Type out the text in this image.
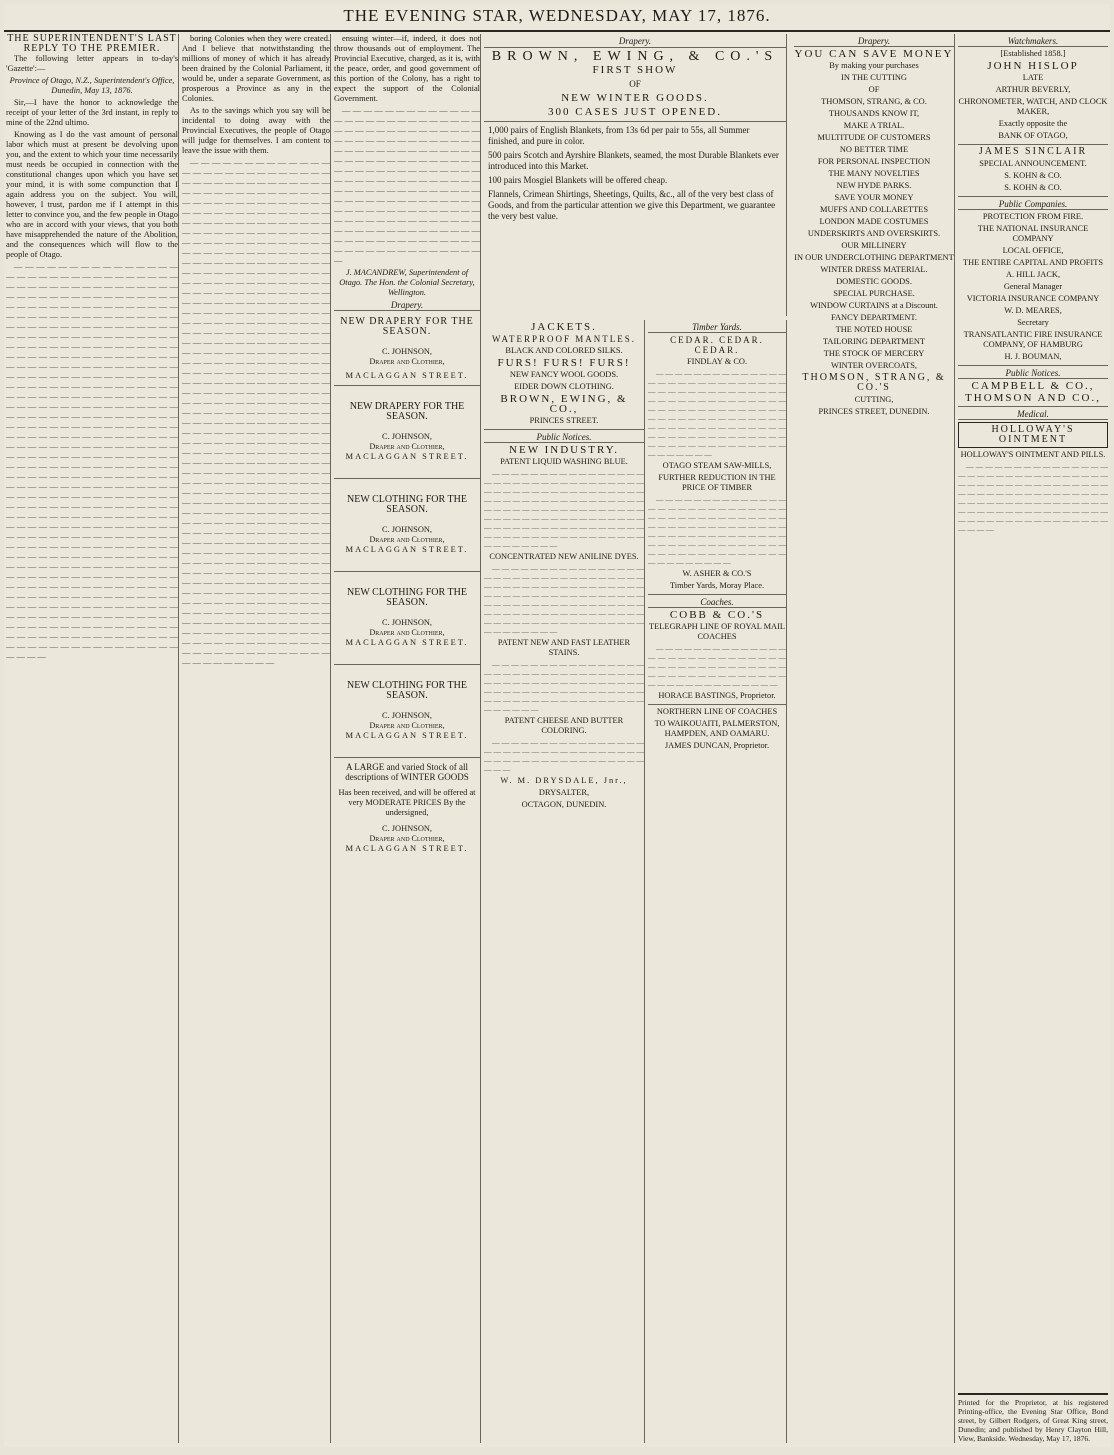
THE EVENING STAR, WEDNESDAY, MAY 17, 1876.
THE SUPERINTENDENT'S LAST REPLY TO THE PREMIER.

The following letter appears in to-day's 'Gazette':—

Province of Otago, N.Z., Superintendent's Office, Dunedin, May 13, 1876.

Sir,—I have the honor to acknowledge the receipt of your letter of the 3rd instant, in reply to mine of the 22nd ultimo.

Knowing as I do the vast amount of personal labor which must at present be devolving upon you, and the extent to which your time necessarily must needs be occupied in connection with the constitutional changes upon which you have set your mind, it is with some compunction that I again address you on the subject. You will, however, I trust, pardon me if I attempt in this letter to convince you, and the few people in Otago who are in accord with your views, that you both have misapprehended the nature of the Abolition, and the consequences which will flow to the people of Otago.

— — — — — — — — — — — — — — — — — — — — — — — — — — — — — — — — — — — — — — — — — — — — — — — — — — — — — — — — — — — — — — — — — — — — — — — — — — — — — — — — — — — — — — — — — — — — — — — — — — — — — — — — — — — — — — — — — — — — — — — — — — — — — — — — — — — — — — — — — — — — — — — — — — — — — — — — — — — — — — — — — — — — — — — — — — — — — — — — — — — — — — — — — — — — — — — — — — — — — — — — — — — — — — — — — — — — — — — — — — — — — — — — — — — — — — — — — — — — — — — — — — — — — — — — — — — — — — — — — — — — — — — — — — — — — — — — — — — — — — — — — — — — — — — — — — — — — — — — — — — — — — — — — — — — — — — — — — — — — — — — — — — — — — — — — — — — — — — — — — — — — — — — — — — — — — — — — — — — — — — — — — — — — — — — — — — — — — — — — — — — — — — — — — — — — — — — — — — — — — — — — — — — — — — — — — — — — — — — — — — — — — — — — — — — — — — — — — — — — — — — — — — — — — — — — — — — — — — — — — — — — — — — — — — — — — — — — — — — — — — — — — — — — — — — — — — — — — — — — — — — — — — — — — — — — — — — — — — — — — — — — — — — — — — — — — — — — — — — — — — — — — — — — — — — — — — — — — — — — — — — — — — — — — — — — — — — — — — — — — — — — — — — — — — — — — — — — — — — — — — — — — — — — — — — — — — — — — — — — — — — — — — — — — —

boring Colonies when they were created. And I believe that notwithstanding the millions of money of which it has already been drained by the Colonial Parliament, it would be, under a separate Government, as prosperous a Province as any in the Colonies.

As to the savings which you say will be incidental to doing away with the Provincial Executives, the people of Otago will judge for themselves. I am content to leave the issue with them.

— — — — — — — — — — — — — — — — — — — — — — — — — — — — — — — — — — — — — — — — — — — — — — — — — — — — — — — — — — — — — — — — — — — — — — — — — — — — — — — — — — — — — — — — — — — — — — — — — — — — — — — — — — — — — — — — — — — — — — — — — — — — — — — — — — — — — — — — — — — — — — — — — — — — — — — — — — — — — — — — — — — — — — — — — — — — — — — — — — — — — — — — — — — — — — — — — — — — — — — — — — — — — — — — — — — — — — — — — — — — — — — — — — — — — — — — — — — — — — — — — — — — — — — — — — — — — — — — — — — — — — — — — — — — — — — — — — — — — — — — — — — — — — — — — — — — — — — — — — — — — — — — — — — — — — — — — — — — — — — — — — — — — — — — — — — — — — — — — — — — — — — — — — — — — — — — — — — — — — — — — — — — — — — — — — — — — — — — — — — — — — — — — — — — — — — — — — — — — — — — — — — — — — — — — — — — — — — — — — — — — — — — — — — — — — — — — — — — — — — — — — — — — — — — — — — — — — — — — — — — — — — — — — — — — — — — — — — — — — — — — — — — — — — — — — — — — — — — — — — — — — — — — — — — — — — — — — — — — — — — — — — — — — — — — — — — — — — — — — — — — — — — — — — — — — — — — — — — — — — — — — — — — — — — — — — — — — — — — — — — — — — — — — — — — — — — — — — — — — — — — — — — — — — — — — — — — — — — — — — — — — — — — — — — — — — — — — — — — — — — — — — — — — — — — — — — — — — — — — — — — — — — — — — — — — — — — — — — — — — — — — — — — — — — — — — — — — — — — — — — — — — — — — — —

ensuing winter—if, indeed, it does not throw thousands out of employment. The Provincial Executive, charged, as it is, with the peace, order, and good government of this portion of the Colony, has a right to expect the support of the Colonial Government.

— — — — — — — — — — — — — — — — — — — — — — — — — — — — — — — — — — — — — — — — — — — — — — — — — — — — — — — — — — — — — — — — — — — — — — — — — — — — — — — — — — — — — — — — — — — — — — — — — — — — — — — — — — — — — — — — — — — — — — — — — — — — — — — — — — — — — — — — — — — — — — — — — — — — — — — — — — — — — — — — — — — — — — — — — — — — — — — — — — — — — — — — — — — — — — — — — — — — — — — — — — — — — — — — — —

J. MACANDREW, Superintendent of Otago. The Hon. the Colonial Secretary, Wellington.

Drapery.
NEW DRAPERY FOR THE SEASON.
C. JOHNSON,
Draper and Clothier,
MACLAGGAN STREET.
NEW DRAPERY FOR THE SEASON.
C. JOHNSON,
Draper and Clothier,
MACLAGGAN STREET.
NEW CLOTHING FOR THE SEASON.
C. JOHNSON,
Draper and Clothier,
MACLAGGAN STREET.
NEW CLOTHING FOR THE SEASON.
C. JOHNSON,
Draper and Clothier,
MACLAGGAN STREET.
NEW CLOTHING FOR THE SEASON.
C. JOHNSON,
Draper and Clothier,
MACLAGGAN STREET.
A LARGE and varied Stock of all descriptions of WINTER GOODS
Has been received, and will be offered at very MODERATE PRICES By the undersigned,
C. JOHNSON,
Draper and Clothier,
MACLAGGAN STREET.
Drapery.
BROWN, EWING, & CO.'S
FIRST SHOW
OF
NEW WINTER GOODS.
300 CASES JUST OPENED.

1,000 pairs of English Blankets, from 13s 6d per pair to 55s, all Summer finished, and pure in color.

500 pairs Scotch and Ayrshire Blankets, seamed, the most Durable Blankets ever introduced into this Market.

100 pairs Mosgiel Blankets will be offered cheap.

Flannels, Crimean Shirtings, Sheetings, Quilts, &c., all of the very best class of Goods, and from the particular attention we give this Department, we guarantee the very best value.

JACKETS.
WATERPROOF MANTLES.
BLACK AND COLORED SILKS.
FURS! FURS! FURS!
NEW FANCY WOOL GOODS.
EIDER DOWN CLOTHING.
BROWN, EWING, & CO.,
PRINCES STREET.
Public Notices.
NEW INDUSTRY.
PATENT LIQUID WASHING BLUE.

— — — — — — — — — — — — — — — — — — — — — — — — — — — — — — — — — — — — — — — — — — — — — — — — — — — — — — — — — — — — — — — — — — — — — — — — — — — — — — — — — — — — — — — — — — — — — — — — — — — — — — — — — — — — — — — — — — — — — — — — — — — — — — — — — — — — — — — — — — — — — — —

CONCENTRATED NEW ANILINE DYES.

— — — — — — — — — — — — — — — — — — — — — — — — — — — — — — — — — — — — — — — — — — — — — — — — — — — — — — — — — — — — — — — — — — — — — — — — — — — — — — — — — — — — — — — — — — — — — — — — — — — — — — — — — — — — — — — — — — — — — — — — — — — — — —

PATENT NEW AND FAST LEATHER STAINS.

— — — — — — — — — — — — — — — — — — — — — — — — — — — — — — — — — — — — — — — — — — — — — — — — — — — — — — — — — — — — — — — — — — — — — — — — — — — — — — — — — — — — — — — — — —

PATENT CHEESE AND BUTTER COLORING.

— — — — — — — — — — — — — — — — — — — — — — — — — — — — — — — — — — — — — — — — — — — — — — — — — — — — —

W. M. DRYSDALE, Jnr.,
DRYSALTER,
OCTAGON, DUNEDIN.
Timber Yards.
CEDAR. CEDAR. CEDAR.
FINDLAY & CO.

— — — — — — — — — — — — — — — — — — — — — — — — — — — — — — — — — — — — — — — — — — — — — — — — — — — — — — — — — — — — — — — — — — — — — — — — — — — — — — — — — — — — — — — — — — — — — — — — — — — — — — — — — — — — — — — — — — — — — — — — — — — — — — — — — — — — —

OTAGO STEAM SAW-MILLS,
FURTHER REDUCTION IN THE PRICE OF TIMBER

— — — — — — — — — — — — — — — — — — — — — — — — — — — — — — — — — — — — — — — — — — — — — — — — — — — — — — — — — — — — — — — — — — — — — — — — — — — — — — — — — — — — — — — — — — — — — — — — — — — — — — — — — — —

W. ASHER & CO.'S
Timber Yards, Moray Place.
Coaches.
COBB & CO.'S
TELEGRAPH LINE OF ROYAL MAIL COACHES

— — — — — — — — — — — — — — — — — — — — — — — — — — — — — — — — — — — — — — — — — — — — — — — — — — — — — — — — — — — — — — — — — — — — — —

HORACE BASTINGS, Proprietor.
NORTHERN LINE OF COACHES
TO WAIKOUAITI, PALMERSTON, HAMPDEN, AND OAMARU.
JAMES DUNCAN, Proprietor.
Drapery.
YOU CAN SAVE MONEY
By making your purchases
IN THE CUTTING
OF
THOMSON, STRANG, & CO.
THOUSANDS KNOW IT,
MAKE A TRIAL.
MULTITUDE OF CUSTOMERS
NO BETTER TIME
FOR PERSONAL INSPECTION
THE MANY NOVELTIES
NEW HYDE PARKS.
SAVE YOUR MONEY
MUFFS AND COLLARETTES
LONDON MADE COSTUMES
UNDERSKIRTS AND OVERSKIRTS.
OUR MILLINERY
IN OUR UNDERCLOTHING DEPARTMENT
WINTER DRESS MATERIAL.
DOMESTIC GOODS.
SPECIAL PURCHASE.
WINDOW CURTAINS at a Discount.
FANCY DEPARTMENT.
THE NOTED HOUSE
TAILORING DEPARTMENT
THE STOCK OF MERCERY
WINTER OVERCOATS,
THOMSON, STRANG, & CO.'S
CUTTING,
PRINCES STREET, DUNEDIN.
Watchmakers.
[Established 1858.]
JOHN HISLOP
LATE
ARTHUR BEVERLY,
CHRONOMETER, WATCH, AND CLOCK MAKER,
Exactly opposite the
BANK OF OTAGO,
JAMES SINCLAIR
SPECIAL ANNOUNCEMENT.
S. KOHN & CO.
S. KOHN & CO.
Public Companies.
PROTECTION FROM FIRE.
THE NATIONAL INSURANCE COMPANY
LOCAL OFFICE,
THE ENTIRE CAPITAL AND PROFITS
A. HILL JACK,
General Manager
VICTORIA INSURANCE COMPANY
W. D. MEARES,
Secretary
TRANSATLANTIC FIRE INSURANCE COMPANY, OF HAMBURG
H. J. BOUMAN,
Public Notices.
CAMPBELL & CO.,
THOMSON AND CO.,
Medical.
HOLLOWAY'S OINTMENT
HOLLOWAY'S OINTMENT AND PILLS.

— — — — — — — — — — — — — — — — — — — — — — — — — — — — — — — — — — — — — — — — — — — — — — — — — — — — — — — — — — — — — — — — — — — — — — — — — — — — — — — — — — — — — — — — — — — — — — — — — — — — — — — — — — — — — — — — — — —

Printed for the Proprietor, at his registered Printing-office, the Evening Star Office, Bond street, by Gilbert Rodgers, of Great King street, Dunedin; and published by Henry Clayton Hill, View, Bankside. Wednesday, May 17, 1876.
